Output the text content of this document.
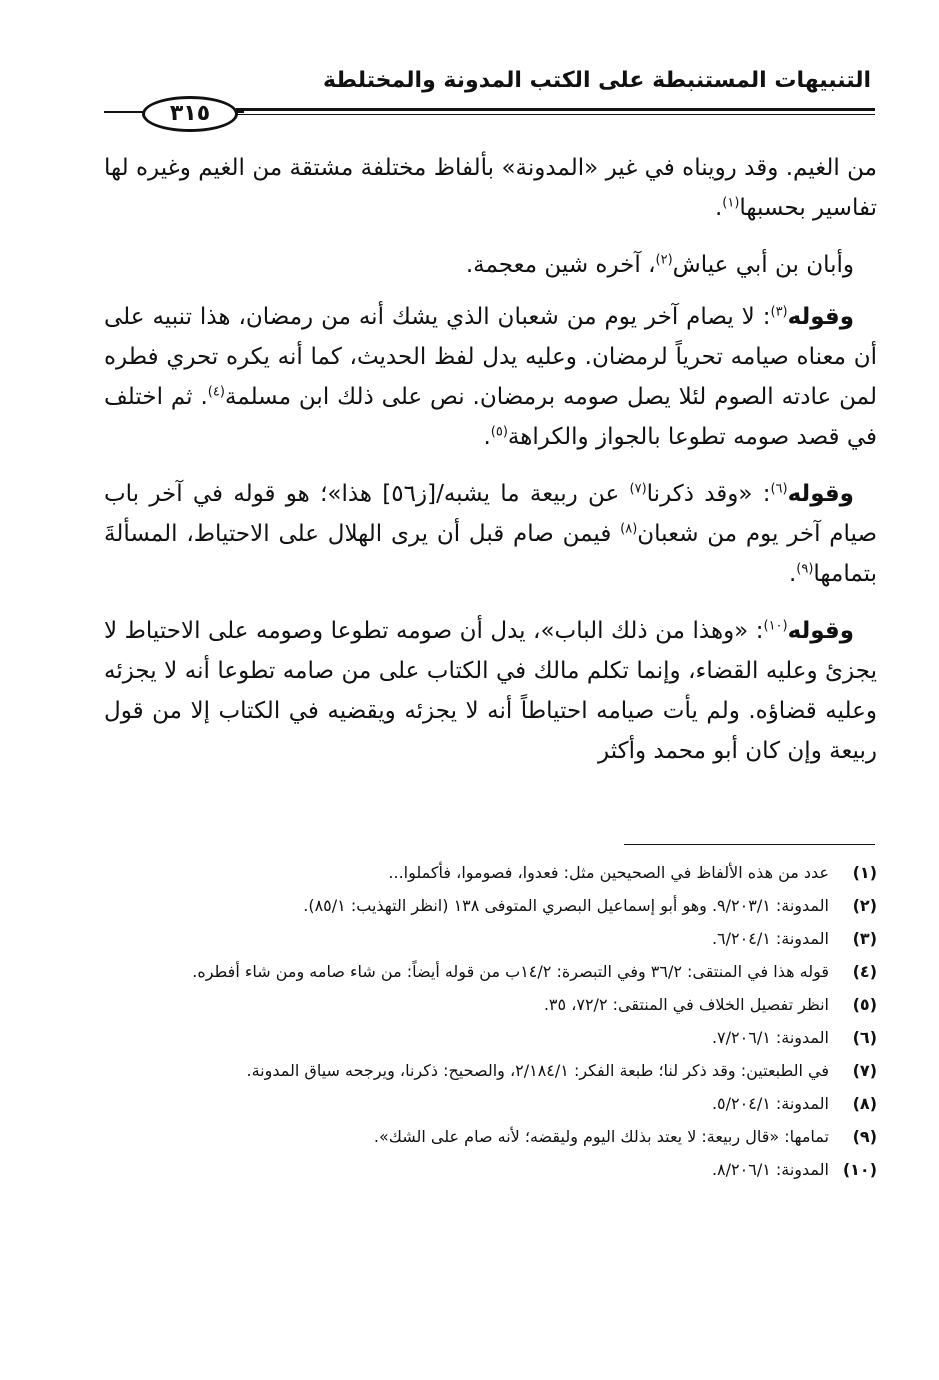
التنبيهات المستنبطة على الكتب المدونة والمختلطة
٣١٥

من الغيم. وقد رويناه في غير «المدونة» بألفاظ مختلفة مشتقة من الغيم وغيره لها تفاسير بحسبها$^{(١)}$.

 وأبان بن أبي عياش$^{(٢)}$، آخره شين معجمة.

 وقوله$^{(٣)}$: لا يصام آخر يوم من شعبان الذي يشك أنه من رمضان، هذا تنبيه على أن معناه صيامه تحرياً لرمضان. وعليه يدل لفظ الحديث، كما أنه يكره تحري فطره لمن عادته الصوم لئلا يصل صومه برمضان. نص على ذلك ابن مسلمة$^{(٤)}$. ثم اختلف في قصد صومه تطوعا بالجواز والكراهة$^{(٥)}$.

 وقوله$^{(٦)}$: «وقد ذكرنا$^{(٧)}$ عن ربيعة ما يشبه/[ز٥٦] هذا»؛ هو قوله في آخر باب صيام آخر يوم من شعبان$^{(٨)}$ فيمن صام قبل أن يرى الهلال على الاحتياط، المسألةَ بتمامها$^{(٩)}$.

 وقوله$^{(١٠)}$: «وهذا من ذلك الباب»، يدل أن صومه تطوعا وصومه على الاحتياط لا يجزئ وعليه القضاء، وإنما تكلم مالك في الكتاب على من صامه تطوعا أنه لا يجزئه وعليه قضاؤه. ولم يأت صيامه احتياطاً أنه لا يجزئه ويقضيه في الكتاب إلا من قول ربيعة وإن كان أبو محمد وأكثر

(١)
عدد من هذه الألفاظ في الصحيحين مثل: فعدوا، فصوموا، فأكملوا...
(٢)
المدونة: ٩/٢٠٣/١. وهو أبو إسماعيل البصري المتوفى ١٣٨ (انظر التهذيب: ٨٥/١).
(٣)
المدونة: ٦/٢٠٤/١.
(٤)
قوله هذا في المنتقى: ٣٦/٢ وفي التبصرة: ١٤/٢ب من قوله أيضاً: من شاء صامه ومن شاء أفطره.
(٥)
انظر تفصيل الخلاف في المنتقى: ٧٢/٢، ٣٥.
(٦)
المدونة: ٧/٢٠٦/١.
(٧)
في الطبعتين: وقد ذكر لنا؛ طبعة الفكر: ٢/١٨٤/١، والصحيح: ذكرنا، ويرجحه سياق المدونة.
(٨)
المدونة: ٥/٢٠٤/١.
(٩)
تمامها: «قال ربيعة: لا يعتد بذلك اليوم وليقضه؛ لأنه صام على الشك».
(١٠)
المدونة: ٨/٢٠٦/١.
